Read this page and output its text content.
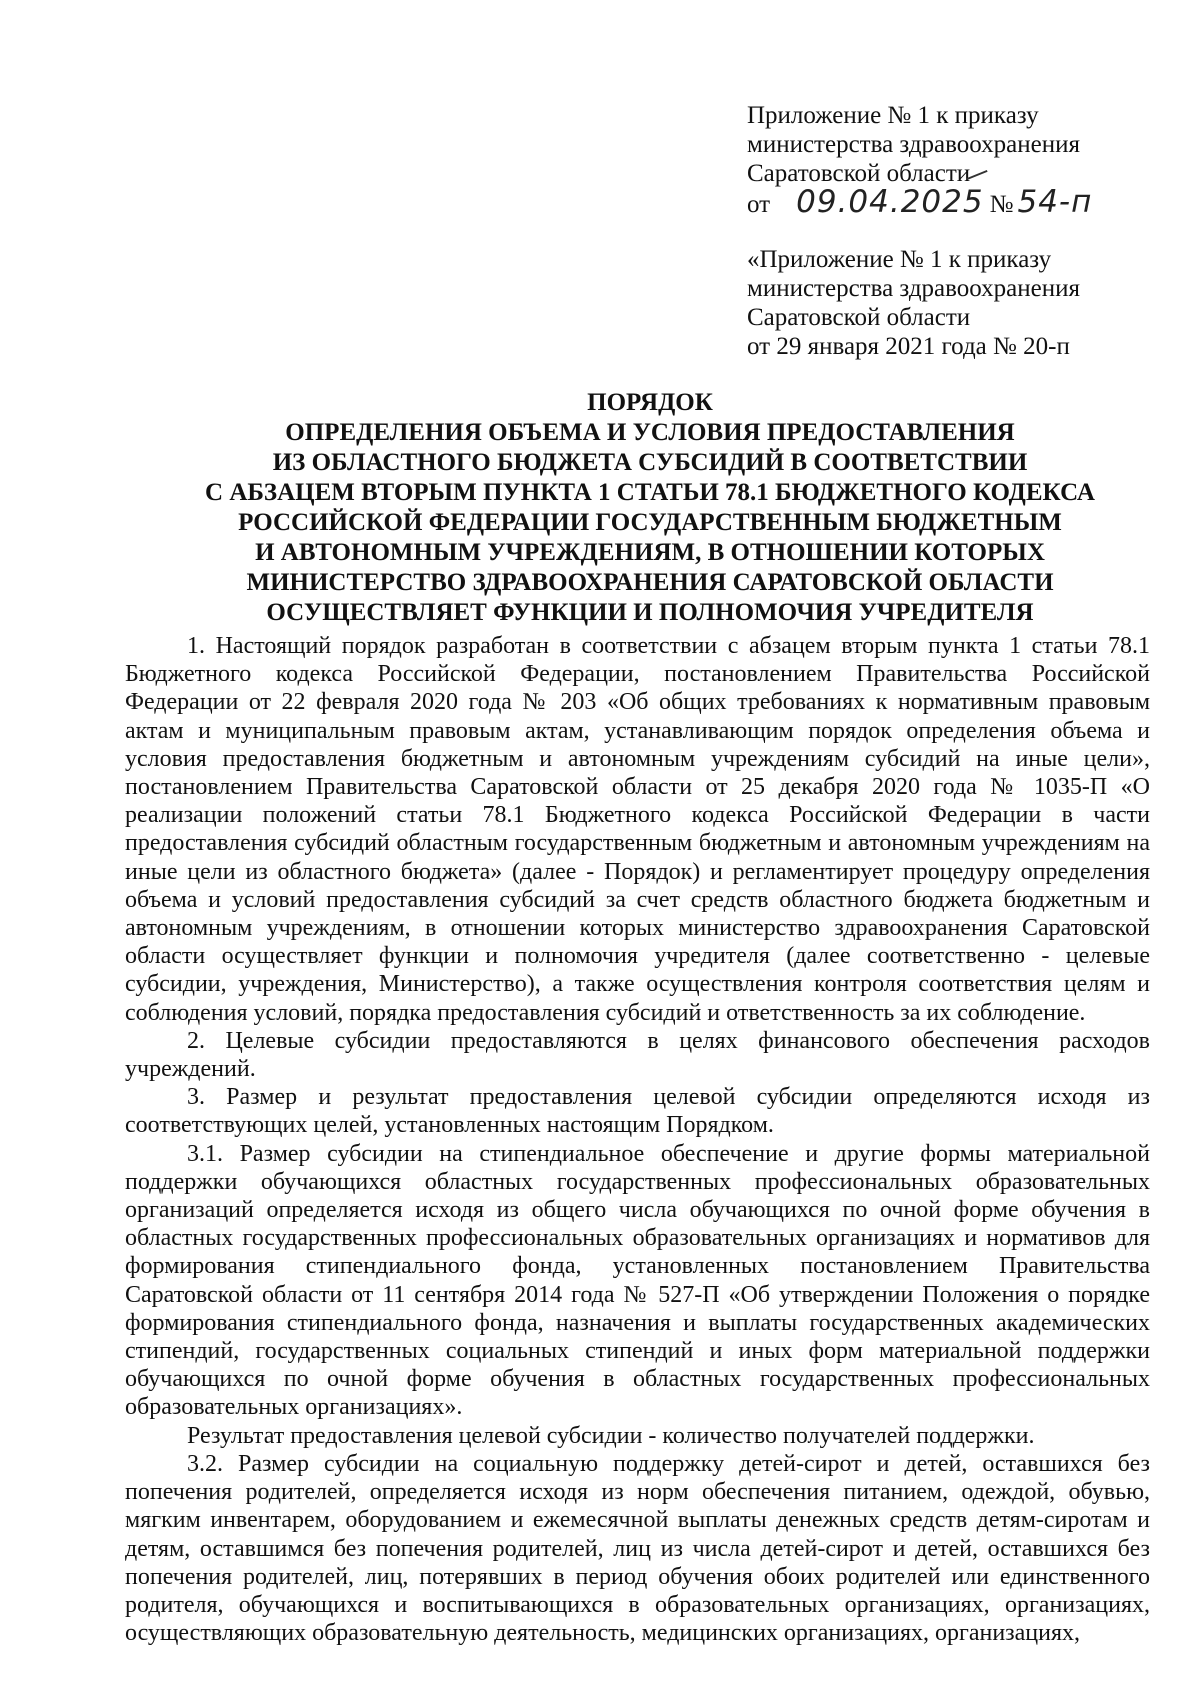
Приложение № 1 к приказу
министерства здравоохранения
Саратовской области
от 09.04.2025 № 54-п
«Приложение № 1 к приказу
министерства здравоохранения
Саратовской области
от 29 января 2021 года № 20-п
ПОРЯДОК
ОПРЕДЕЛЕНИЯ ОБЪЕМА И УСЛОВИЯ ПРЕДОСТАВЛЕНИЯ
ИЗ ОБЛАСТНОГО БЮДЖЕТА СУБСИДИЙ В СООТВЕТСТВИИ
С АБЗАЦЕМ ВТОРЫМ ПУНКТА 1 СТАТЬИ 78.1 БЮДЖЕТНОГО КОДЕКСА
РОССИЙСКОЙ ФЕДЕРАЦИИ ГОСУДАРСТВЕННЫМ БЮДЖЕТНЫМ
И АВТОНОМНЫМ УЧРЕЖДЕНИЯМ, В ОТНОШЕНИИ КОТОРЫХ
МИНИСТЕРСТВО ЗДРАВООХРАНЕНИЯ САРАТОВСКОЙ ОБЛАСТИ
ОСУЩЕСТВЛЯЕТ ФУНКЦИИ И ПОЛНОМОЧИЯ УЧРЕДИТЕЛЯ

1. Настоящий порядок разработан в соответствии с абзацем вторым пункта 1 статьи 78.1 Бюджетного кодекса Российской Федерации, постановлением Правительства Российской Федерации от 22 февраля 2020 года № 203 «Об общих требованиях к нормативным правовым актам и муниципальным правовым актам, устанавливающим порядок определения объема и условия предоставления бюджетным и автономным учреждениям субсидий на иные цели», постановлением Правительства Саратовской области от 25 декабря 2020 года № 1035-П «О реализации положений статьи 78.1 Бюджетного кодекса Российской Федерации в части предоставления субсидий областным государственным бюджетным и автономным учреждениям на иные цели из областного бюджета» (далее - Порядок) и регламентирует процедуру определения объема и условий предоставления субсидий за счет средств областного бюджета бюджетным и автономным учреждениям, в отношении которых министерство здравоохранения Саратовской области осуществляет функции и полномочия учредителя (далее соответственно - целевые субсидии, учреждения, Министерство), а также осуществления контроля соответствия целям и соблюдения условий, порядка предоставления субсидий и ответственность за их соблюдение.

2. Целевые субсидии предоставляются в целях финансового обеспечения расходов учреждений.

3. Размер и результат предоставления целевой субсидии определяются исходя из соответствующих целей, установленных настоящим Порядком.

3.1. Размер субсидии на стипендиальное обеспечение и другие формы материальной поддержки обучающихся областных государственных профессиональных образовательных организаций определяется исходя из общего числа обучающихся по очной форме обучения в областных государственных профессиональных образовательных организациях и нормативов для формирования стипендиального фонда, установленных постановлением Правительства Саратовской области от 11 сентября 2014 года № 527-П «Об утверждении Положения о порядке формирования стипендиального фонда, назначения и выплаты государственных академических стипендий, государственных социальных стипендий и иных форм материальной поддержки обучающихся по очной форме обучения в областных государственных профессиональных образовательных организациях».

Результат предоставления целевой субсидии - количество получателей поддержки.

3.2. Размер субсидии на социальную поддержку детей-сирот и детей, оставшихся без попечения родителей, определяется исходя из норм обеспечения питанием, одеждой, обувью, мягким инвентарем, оборудованием и ежемесячной выплаты денежных средств детям-сиротам и детям, оставшимся без попечения родителей, лиц из числа детей-сирот и детей, оставшихся без попечения родителей, лиц, потерявших в период обучения обоих родителей или единственного родителя, обучающихся и воспитывающихся в образовательных организациях, организациях, осуществляющих образовательную деятельность, медицинских организациях, организациях,
